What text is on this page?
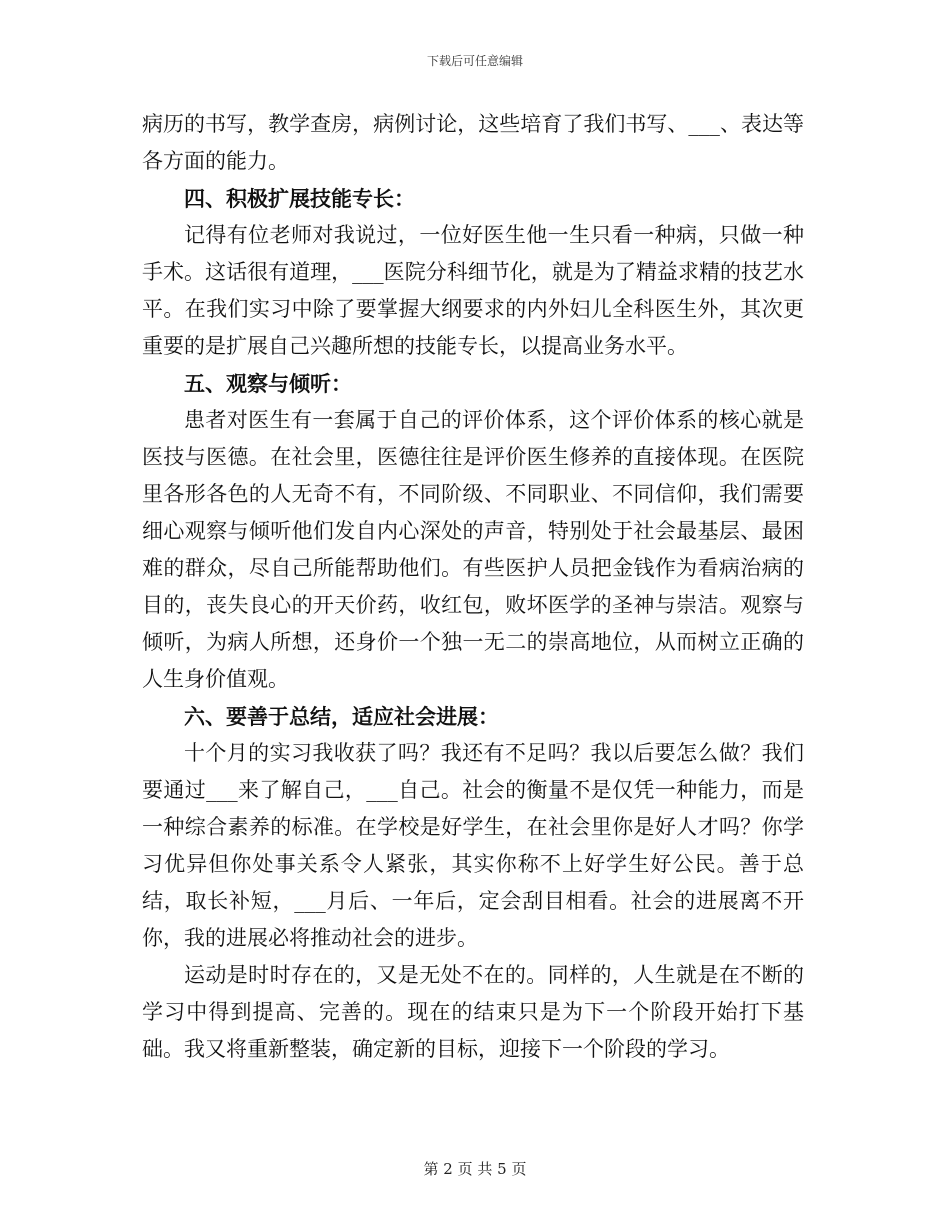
下载后可任意编辑

病历的书写，教学查房，病例讨论，这些培育了我们书写、___、表达等各方面的能力。

四、积极扩展技能专长：

记得有位老师对我说过，一位好医生他一生只看一种病，只做一种手术。这话很有道理，___医院分科细节化，就是为了精益求精的技艺水平。在我们实习中除了要掌握大纲要求的内外妇儿全科医生外，其次更重要的是扩展自己兴趣所想的技能专长，以提高业务水平。

五、观察与倾听：

患者对医生有一套属于自己的评价体系，这个评价体系的核心就是医技与医德。在社会里，医德往往是评价医生修养的直接体现。在医院里各形各色的人无奇不有，不同阶级、不同职业、不同信仰，我们需要细心观察与倾听他们发自内心深处的声音，特别处于社会最基层、最困难的群众，尽自己所能帮助他们。有些医护人员把金钱作为看病治病的目的，丧失良心的开天价药，收红包，败坏医学的圣神与崇洁。观察与倾听，为病人所想，还身价一个独一无二的崇高地位，从而树立正确的人生身价值观。

六、要善于总结，适应社会进展：

十个月的实习我收获了吗？我还有不足吗？我以后要怎么做？我们要通过___来了解自己，___自己。社会的衡量不是仅凭一种能力，而是一种综合素养的标准。在学校是好学生，在社会里你是好人才吗？你学习优异但你处事关系令人紧张，其实你称不上好学生好公民。善于总结，取长补短，___月后、一年后，定会刮目相看。社会的进展离不开你，我的进展必将推动社会的进步。

运动是时时存在的，又是无处不在的。同样的，人生就是在不断的学习中得到提高、完善的。现在的结束只是为下一个阶段开始打下基础。我又将重新整装，确定新的目标，迎接下一个阶段的学习。

第 2 页 共 5 页
